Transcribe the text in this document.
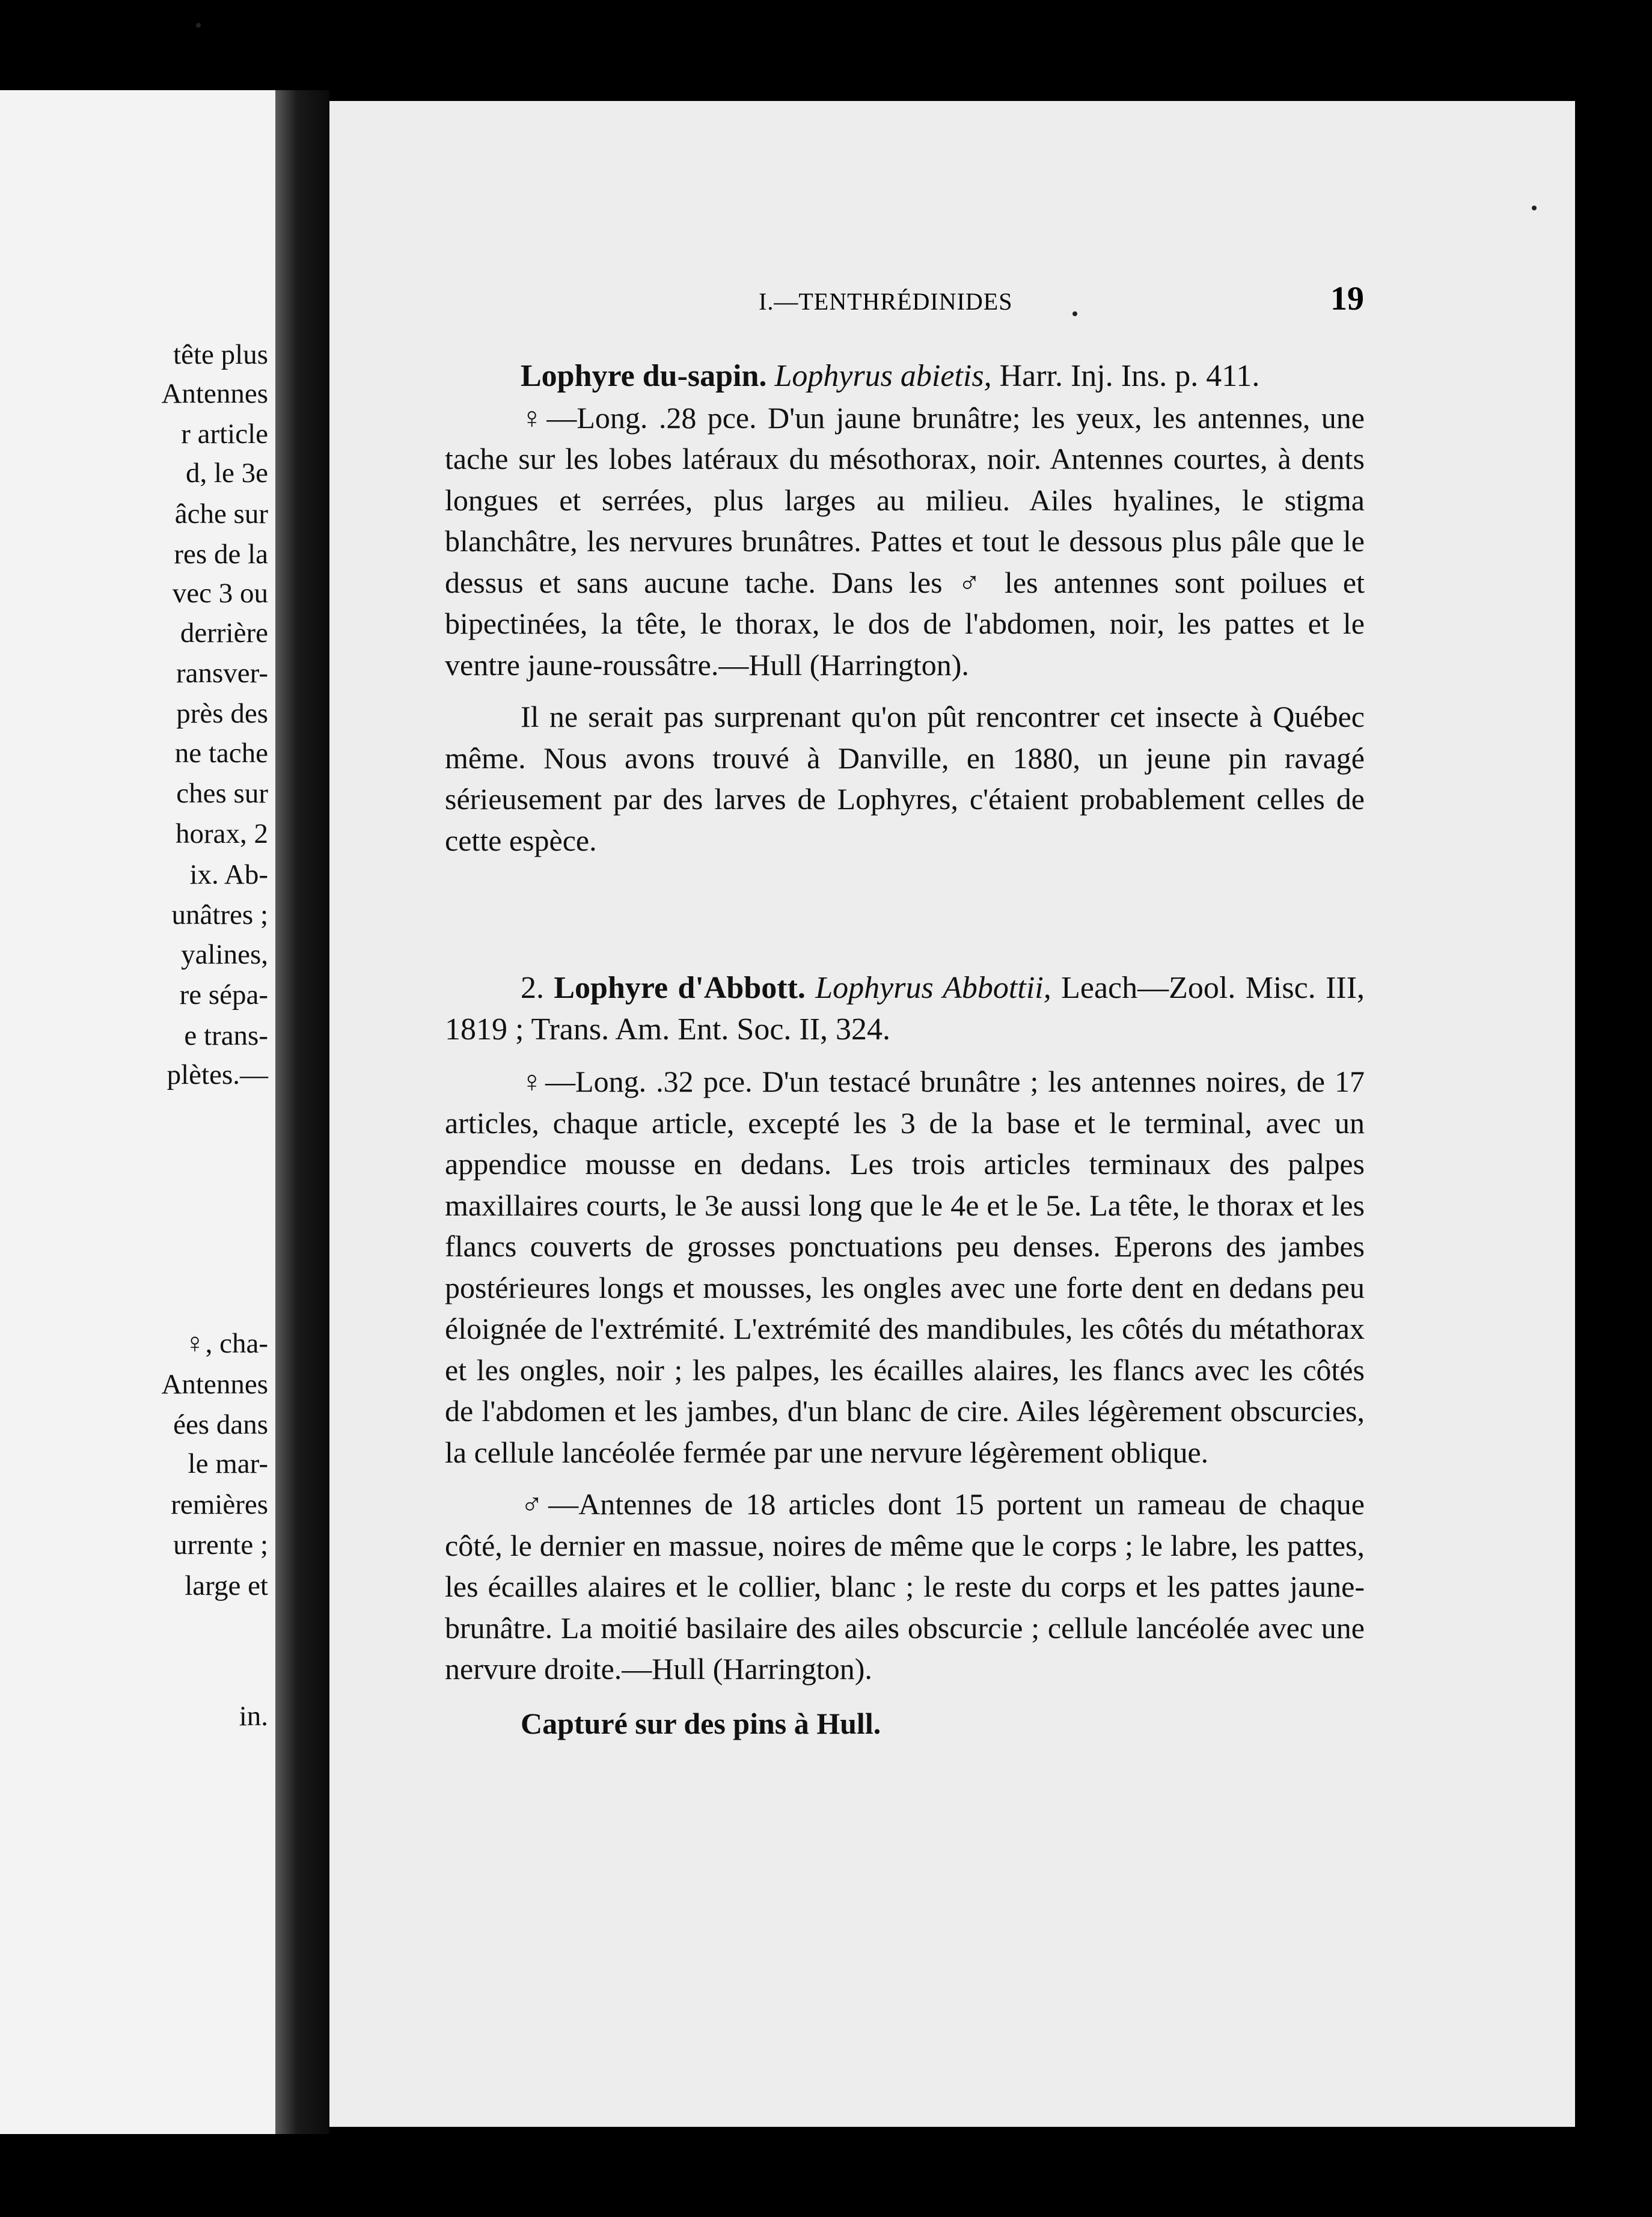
tête plus
Antennes
r article
d, le 3e
âche sur
res de la
vec 3 ou
derrière
ransver-
près des
ne tache
ches sur
horax, 2
ix. Ab-
unâtres ;
yalines,
re sépa-
e trans-
plètes.—
♀, cha-
Antennes
ées dans
le mar-
remières
urrente ;
large et
in.
I.—TENTHRÉDINIDES	19

Lophyre du-sapin. Lophyrus abietis, Harr. Inj. Ins. p. 411.

♀—Long. .28 pce. D'un jaune brunâtre; les yeux, les antennes, une tache sur les lobes latéraux du mésothorax, noir. Antennes courtes, à dents longues et serrées, plus larges au milieu. Ailes hyalines, le stigma blanchâtre, les nervures brunâtres. Pattes et tout le dessous plus pâle que le dessus et sans aucune tache. Dans les ♂ les antennes sont poilues et bipectinées, la tête, le thorax, le dos de l'abdomen, noir, les pattes et le ventre jaune-roussâtre.—Hull (Harrington).

Il ne serait pas surprenant qu'on pût rencontrer cet insecte à Québec même. Nous avons trouvé à Danville, en 1880, un jeune pin ravagé sérieusement par des larves de Lophyres, c'étaient probablement celles de cette espèce.

2. Lophyre d'Abbott. Lophyrus Abbottii, Leach—Zool. Misc. III, 1819 ; Trans. Am. Ent. Soc. II, 324.

♀—Long. .32 pce. D'un testacé brunâtre ; les antennes noires, de 17 articles, chaque article, excepté les 3 de la base et le terminal, avec un appendice mousse en dedans. Les trois articles terminaux des palpes maxillaires courts, le 3e aussi long que le 4e et le 5e. La tête, le thorax et les flancs couverts de grosses ponctuations peu denses. Eperons des jambes postérieures longs et mousses, les ongles avec une forte dent en dedans peu éloignée de l'extrémité. L'extrémité des mandibules, les côtés du métathorax et les ongles, noir ; les palpes, les écailles alaires, les flancs avec les côtés de l'abdomen et les jambes, d'un blanc de cire. Ailes légèrement obscurcies, la cellule lancéolée fermée par une nervure légèrement oblique.

♂—Antennes de 18 articles dont 15 portent un rameau de chaque côté, le dernier en massue, noires de même que le corps ; le labre, les pattes, les écailles alaires et le collier, blanc ; le reste du corps et les pattes jaune-brunâtre. La moitié basilaire des ailes obscurcie ; cellule lancéolée avec une nervure droite.—Hull (Harrington).

Capturé sur des pins à Hull.
